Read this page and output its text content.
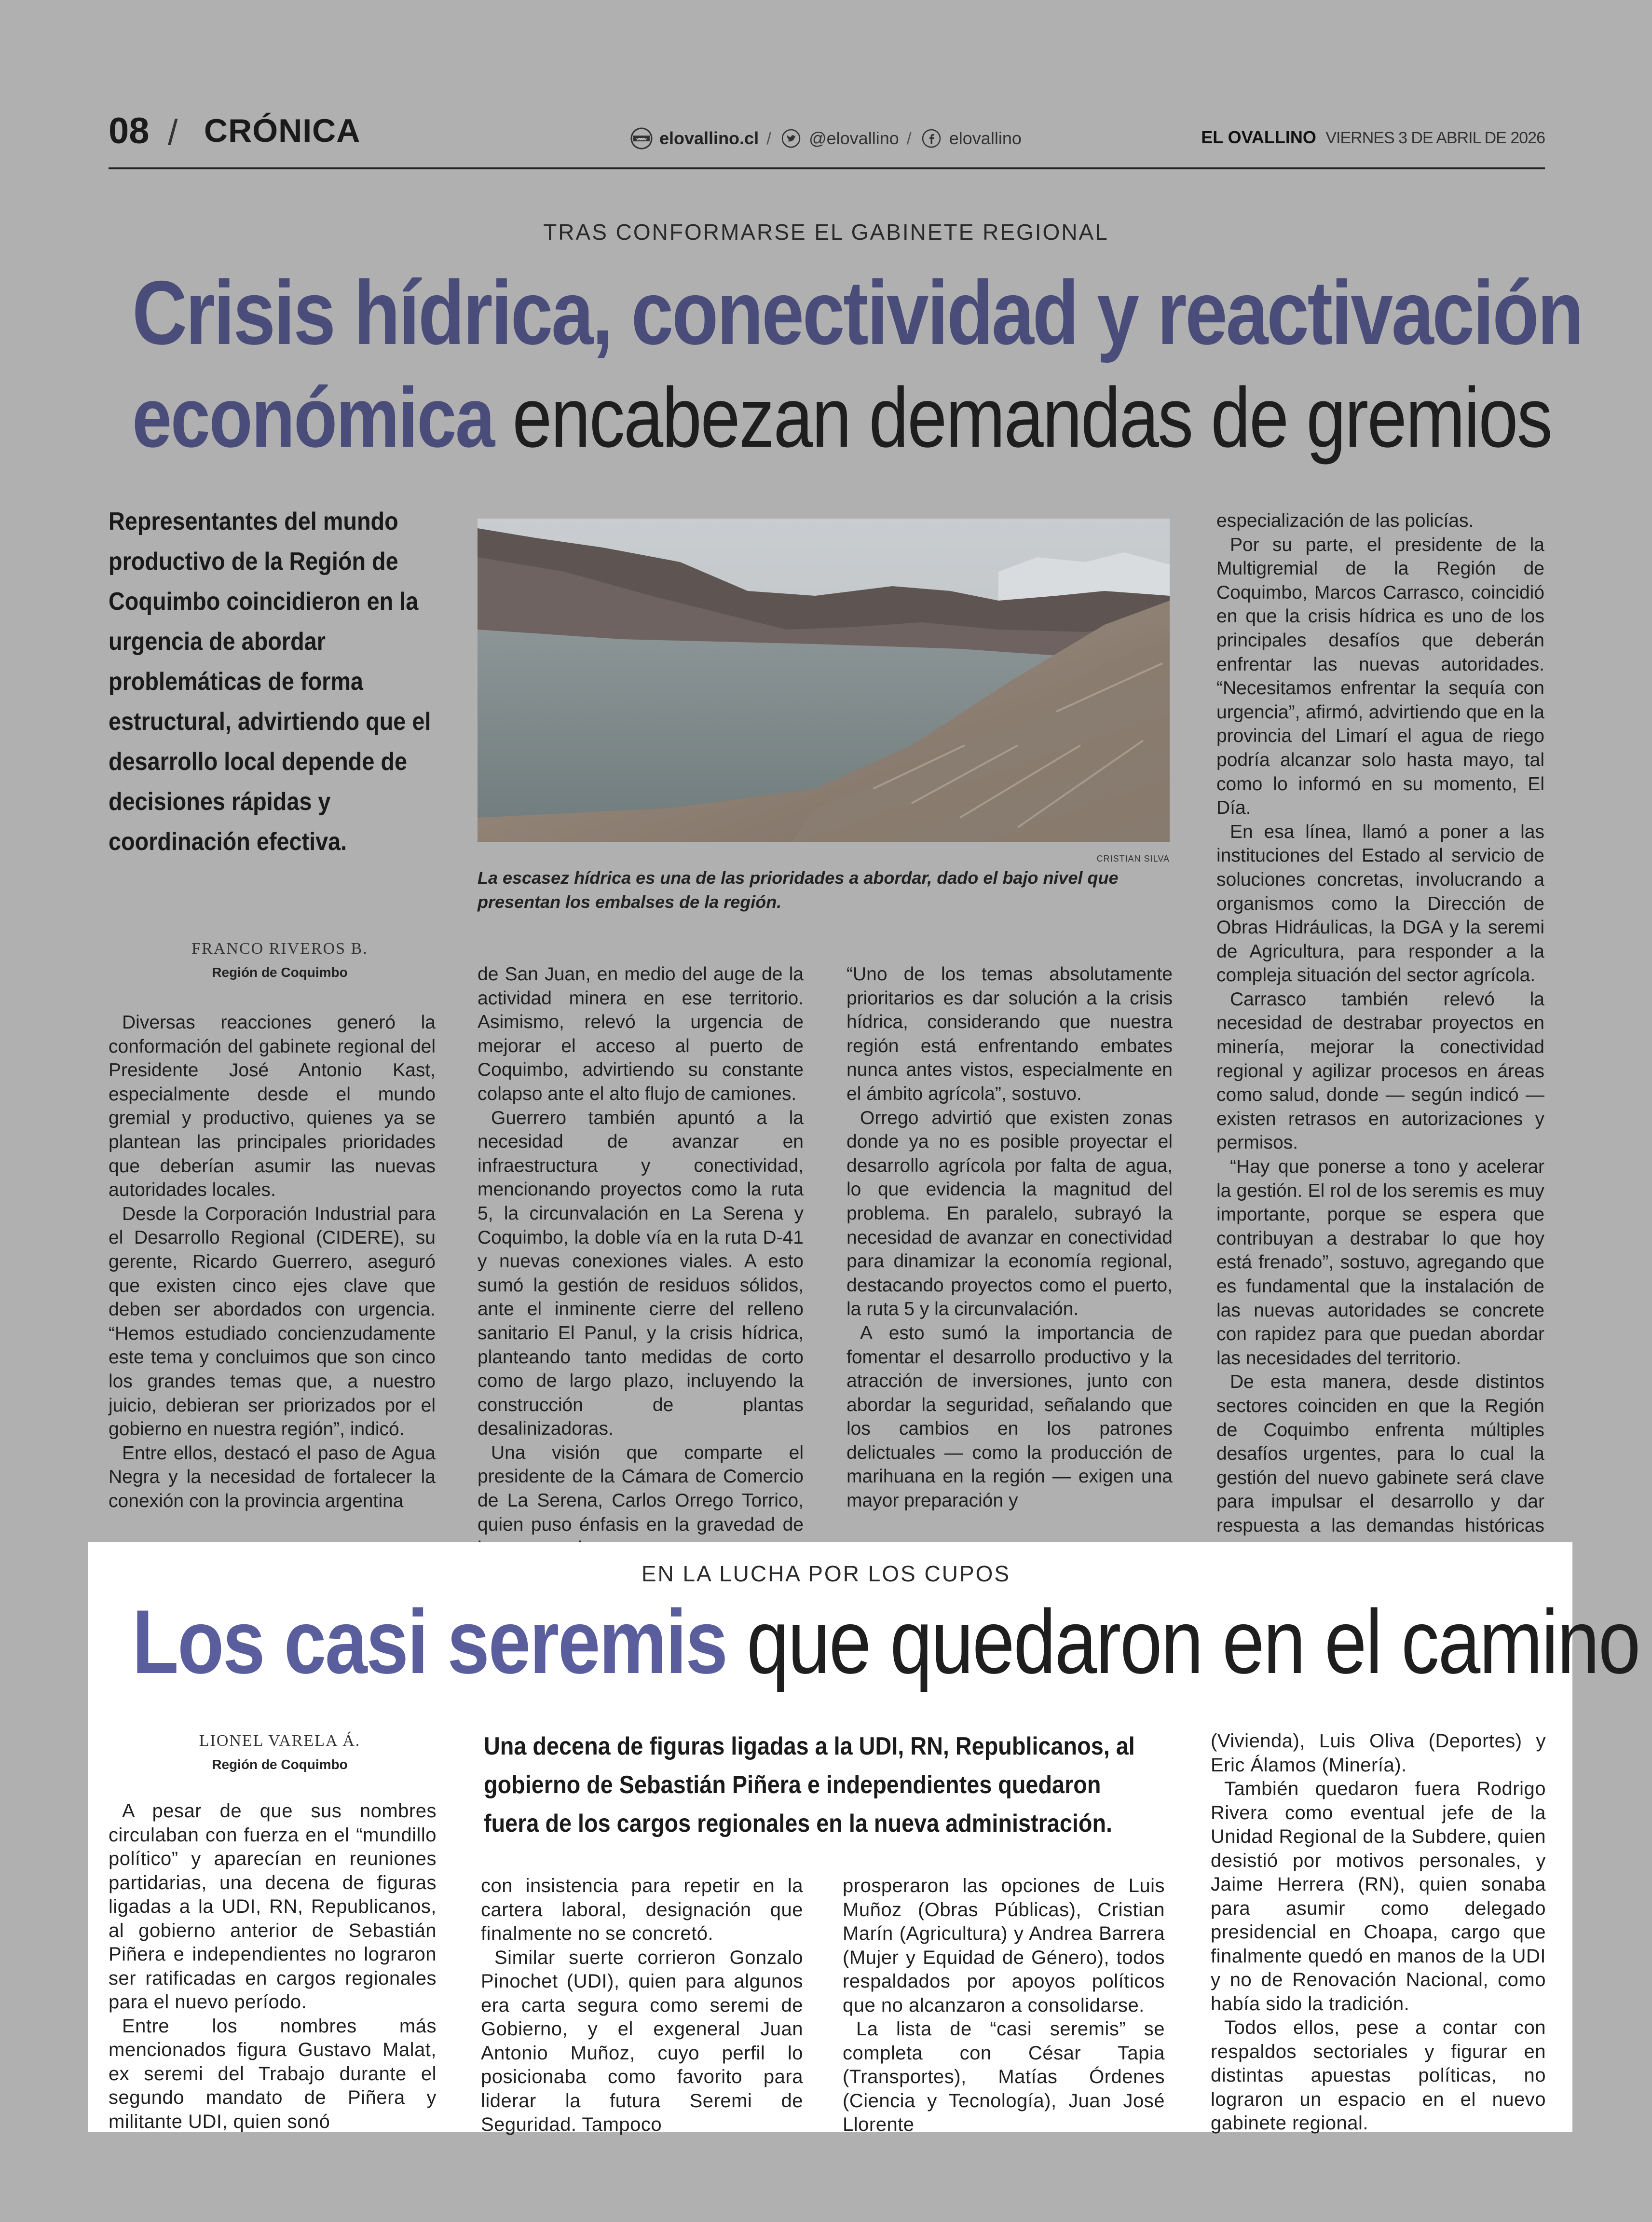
08 / CRÓNICA	www elovallino.cl / @elovallino / elovallino	EL OVALLINO VIERNES 3 DE ABRIL DE 2026
TRAS CONFORMARSE EL GABINETE REGIONAL
Crisis hídrica, conectividad y reactivación
económica encabezan demandas de gremios
Representantes del mundo productivo de la Región de Coquimbo coincidieron en la urgencia de abordar problemáticas de forma estructural, advirtiendo que el desarrollo local depende de decisiones rápidas y coordinación efectiva.
CRISTIAN SILVA
La escasez hídrica es una de las prioridades a abordar, dado el bajo nivel que presentan los embalses de la región.
FRANCO RIVEROS B.
Región de Coquimbo

Diversas reacciones generó la conformación del gabinete regional del Presidente José Antonio Kast, especialmente desde el mundo gremial y productivo, quienes ya se plantean las principales prioridades que deberían asumir las nuevas autoridades locales.

Desde la Corporación Industrial para el Desarrollo Regional (CIDERE), su gerente, Ricardo Guerrero, aseguró que existen cinco ejes clave que deben ser abordados con urgencia. “Hemos estudiado concienzudamente este tema y concluimos que son cinco los grandes temas que, a nuestro juicio, debieran ser priorizados por el gobierno en nuestra región”, indicó.

Entre ellos, destacó el paso de Agua Negra y la necesidad de fortalecer la conexión con la provincia argentina

de San Juan, en medio del auge de la actividad minera en ese territorio. Asimismo, relevó la urgencia de mejorar el acceso al puerto de Coquimbo, advirtiendo su constante colapso ante el alto flujo de camiones.

Guerrero también apuntó a la necesidad de avanzar en infraestructura y conectividad, mencionando proyectos como la ruta 5, la circunvalación en La Serena y Coquimbo, la doble vía en la ruta D-41 y nuevas conexiones viales. A esto sumó la gestión de residuos sólidos, ante el inminente cierre del relleno sanitario El Panul, y la crisis hídrica, planteando tanto medidas de corto como de largo plazo, incluyendo la construcción de plantas desalinizadoras.

Una visión que comparte el presidente de la Cámara de Comercio de La Serena, Carlos Orrego Torrico, quien puso énfasis en la gravedad de

“Uno de los temas absolutamente prioritarios es dar solución a la crisis hídrica, considerando que nuestra región está enfrentando embates nunca antes vistos, especialmente en el ámbito agrícola”, sostuvo.

Orrego advirtió que existen zonas donde ya no es posible proyectar el desarrollo agrícola por falta de agua, lo que evidencia la magnitud del problema. En paralelo, subrayó la necesidad de avanzar en conectividad para dinamizar la economía regional, destacando proyectos como el puerto, la ruta 5 y la circunvalación.

A esto sumó la importancia de fomentar el desarrollo productivo y la atracción de inversiones, junto con abordar la seguridad, señalando que los cambios en los patrones delictuales — como la producción de marihuana en la región — exigen una mayor preparación y

especialización de las policías.

Por su parte, el presidente de la Multigremial de la Región de Coquimbo, Marcos Carrasco, coincidió en que la crisis hídrica es uno de los principales desafíos que deberán enfrentar las nuevas autoridades. “Necesitamos enfrentar la sequía con urgencia”, afirmó, advirtiendo que en la provincia del Limarí el agua de riego podría alcanzar solo hasta mayo, tal como lo informó en su momento, El Día.

En esa línea, llamó a poner a las instituciones del Estado al servicio de soluciones concretas, involucrando a organismos como la Dirección de Obras Hidráulicas, la DGA y la seremi de Agricultura, para responder a la compleja situación del sector agrícola.

Carrasco también relevó la necesidad de destrabar proyectos en minería, mejorar la conectividad regional y agilizar procesos en áreas como salud, donde — según indicó — existen retrasos en autorizaciones y permisos.

“Hay que ponerse a tono y acelerar la gestión. El rol de los seremis es muy importante, porque se espera que contribuyan a destrabar lo que hoy está frenado”, sostuvo, agregando que es fundamental que la instalación de las nuevas autoridades se concrete con rapidez para que puedan abordar las necesidades del territorio.

De esta manera, desde distintos sectores coinciden en que la Región de Coquimbo enfrenta múltiples desafíos urgentes, para lo cual la gestión del nuevo gabinete será clave para impulsar el desarrollo y dar respuesta a las demandas históricas

EN LA LUCHA POR LOS CUPOS
Los casi seremis que quedaron en el camino
LIONEL VARELA Á.
Región de Coquimbo
Una decena de figuras ligadas a la UDI, RN, Republicanos, al gobierno de Sebastián Piñera e independientes quedaron fuera de los cargos regionales en la nueva administración.

A pesar de que sus nombres circulaban con fuerza en el “mundillo político” y aparecían en reuniones partidarias, una decena de figuras ligadas a la UDI, RN, Republicanos, al gobierno anterior de Sebastián Piñera e independientes no lograron ser ratificadas en cargos regionales para el nuevo período.

Entre los nombres más mencionados figura Gustavo Malat, ex seremi del Trabajo durante el segundo mandato de Piñera y militante UDI, quien sonó

con insistencia para repetir en la cartera laboral, designación que finalmente no se concretó.

Similar suerte corrieron Gonzalo Pinochet (UDI), quien para algunos era carta segura como seremi de Gobierno, y el exgeneral Juan Antonio Muñoz, cuyo perfil lo posicionaba como favorito para liderar la futura Seremi de Seguridad. Tampoco

prosperaron las opciones de Luis Muñoz (Obras Públicas), Cristian Marín (Agricultura) y Andrea Barrera (Mujer y Equidad de Género), todos respaldados por apoyos políticos que no alcanzaron a consolidarse.

La lista de “casi seremis” se completa con César Tapia (Transportes), Matías Órdenes (Ciencia y Tecnología), Juan José Llorente

(Vivienda), Luis Oliva (Deportes) y Eric Álamos (Minería).

También quedaron fuera Rodrigo Rivera como eventual jefe de la Unidad Regional de la Subdere, quien desistió por motivos personales, y Jaime Herrera (RN), quien sonaba para asumir como delegado presidencial en Choapa, cargo que finalmente quedó en manos de la UDI y no de Renovación Nacional, como había sido la tradición.

Todos ellos, pese a contar con respaldos sectoriales y figurar en distintas apuestas políticas, no lograron un espacio en el nuevo gabinete regional.
